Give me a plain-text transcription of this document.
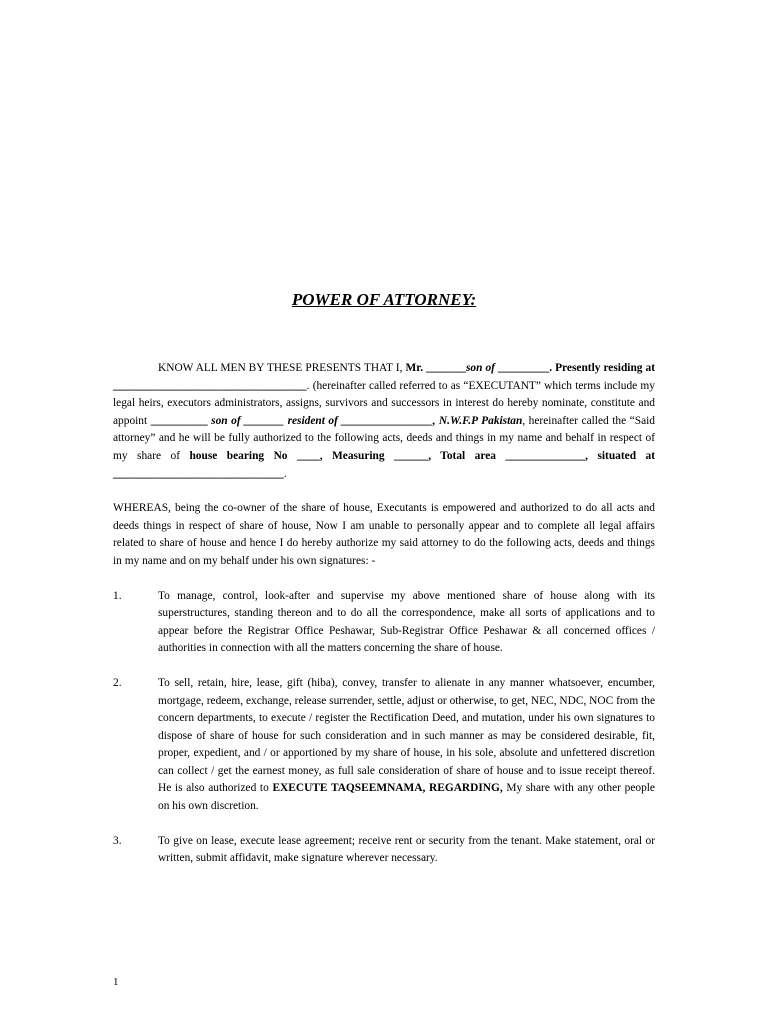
POWER OF ATTORNEY:

KNOW ALL MEN BY THESE PRESENTS THAT I, Mr. _______son of _________. Presently residing at __________________________________. (hereinafter called referred to as “EXECUTANT” which terms include my legal heirs, executors administrators, assigns, survivors and successors in interest do hereby nominate, constitute and appoint __________ son of _______ resident of ________________, N.W.F.P Pakistan, hereinafter called the “Said attorney” and he will be fully authorized to the following acts, deeds and things in my name and behalf in respect of my share of house bearing No ____, Measuring ______, Total area ______________, situated at ______________________________.

WHEREAS, being the co-owner of the share of house, Executants is empowered and authorized to do all acts and deeds things in respect of share of house, Now I am unable to personally appear and to complete all legal affairs related to share of house and hence I do hereby authorize my said attorney to do the following acts, deeds and things in my name and on my behalf under his own signatures: -

1.	To manage, control, look-after and supervise my above mentioned share of house along with its superstructures, standing thereon and to do all the correspondence, make all sorts of applications and to appear before the Registrar Office Peshawar, Sub-Registrar Office Peshawar & all concerned offices / authorities in connection with all the matters concerning the share of house.
2.	To sell, retain, hire, lease, gift (hiba), convey, transfer to alienate in any manner whatsoever, encumber, mortgage, redeem, exchange, release surrender, settle, adjust or otherwise, to get, NEC, NDC, NOC from the concern departments, to execute / register the Rectification Deed, and mutation, under his own signatures to dispose of share of house for such consideration and in such manner as may be considered desirable, fit, proper, expedient, and / or apportioned by my share of house, in his sole, absolute and unfettered discretion can collect / get the earnest money, as full sale consideration of share of house and to issue receipt thereof. He is also authorized to EXECUTE TAQSEEMNAMA, REGARDING, My share with any other people on his own discretion.
3.	To give on lease, execute lease agreement; receive rent or security from the tenant. Make statement, oral or written, submit affidavit, make signature wherever necessary.
1
